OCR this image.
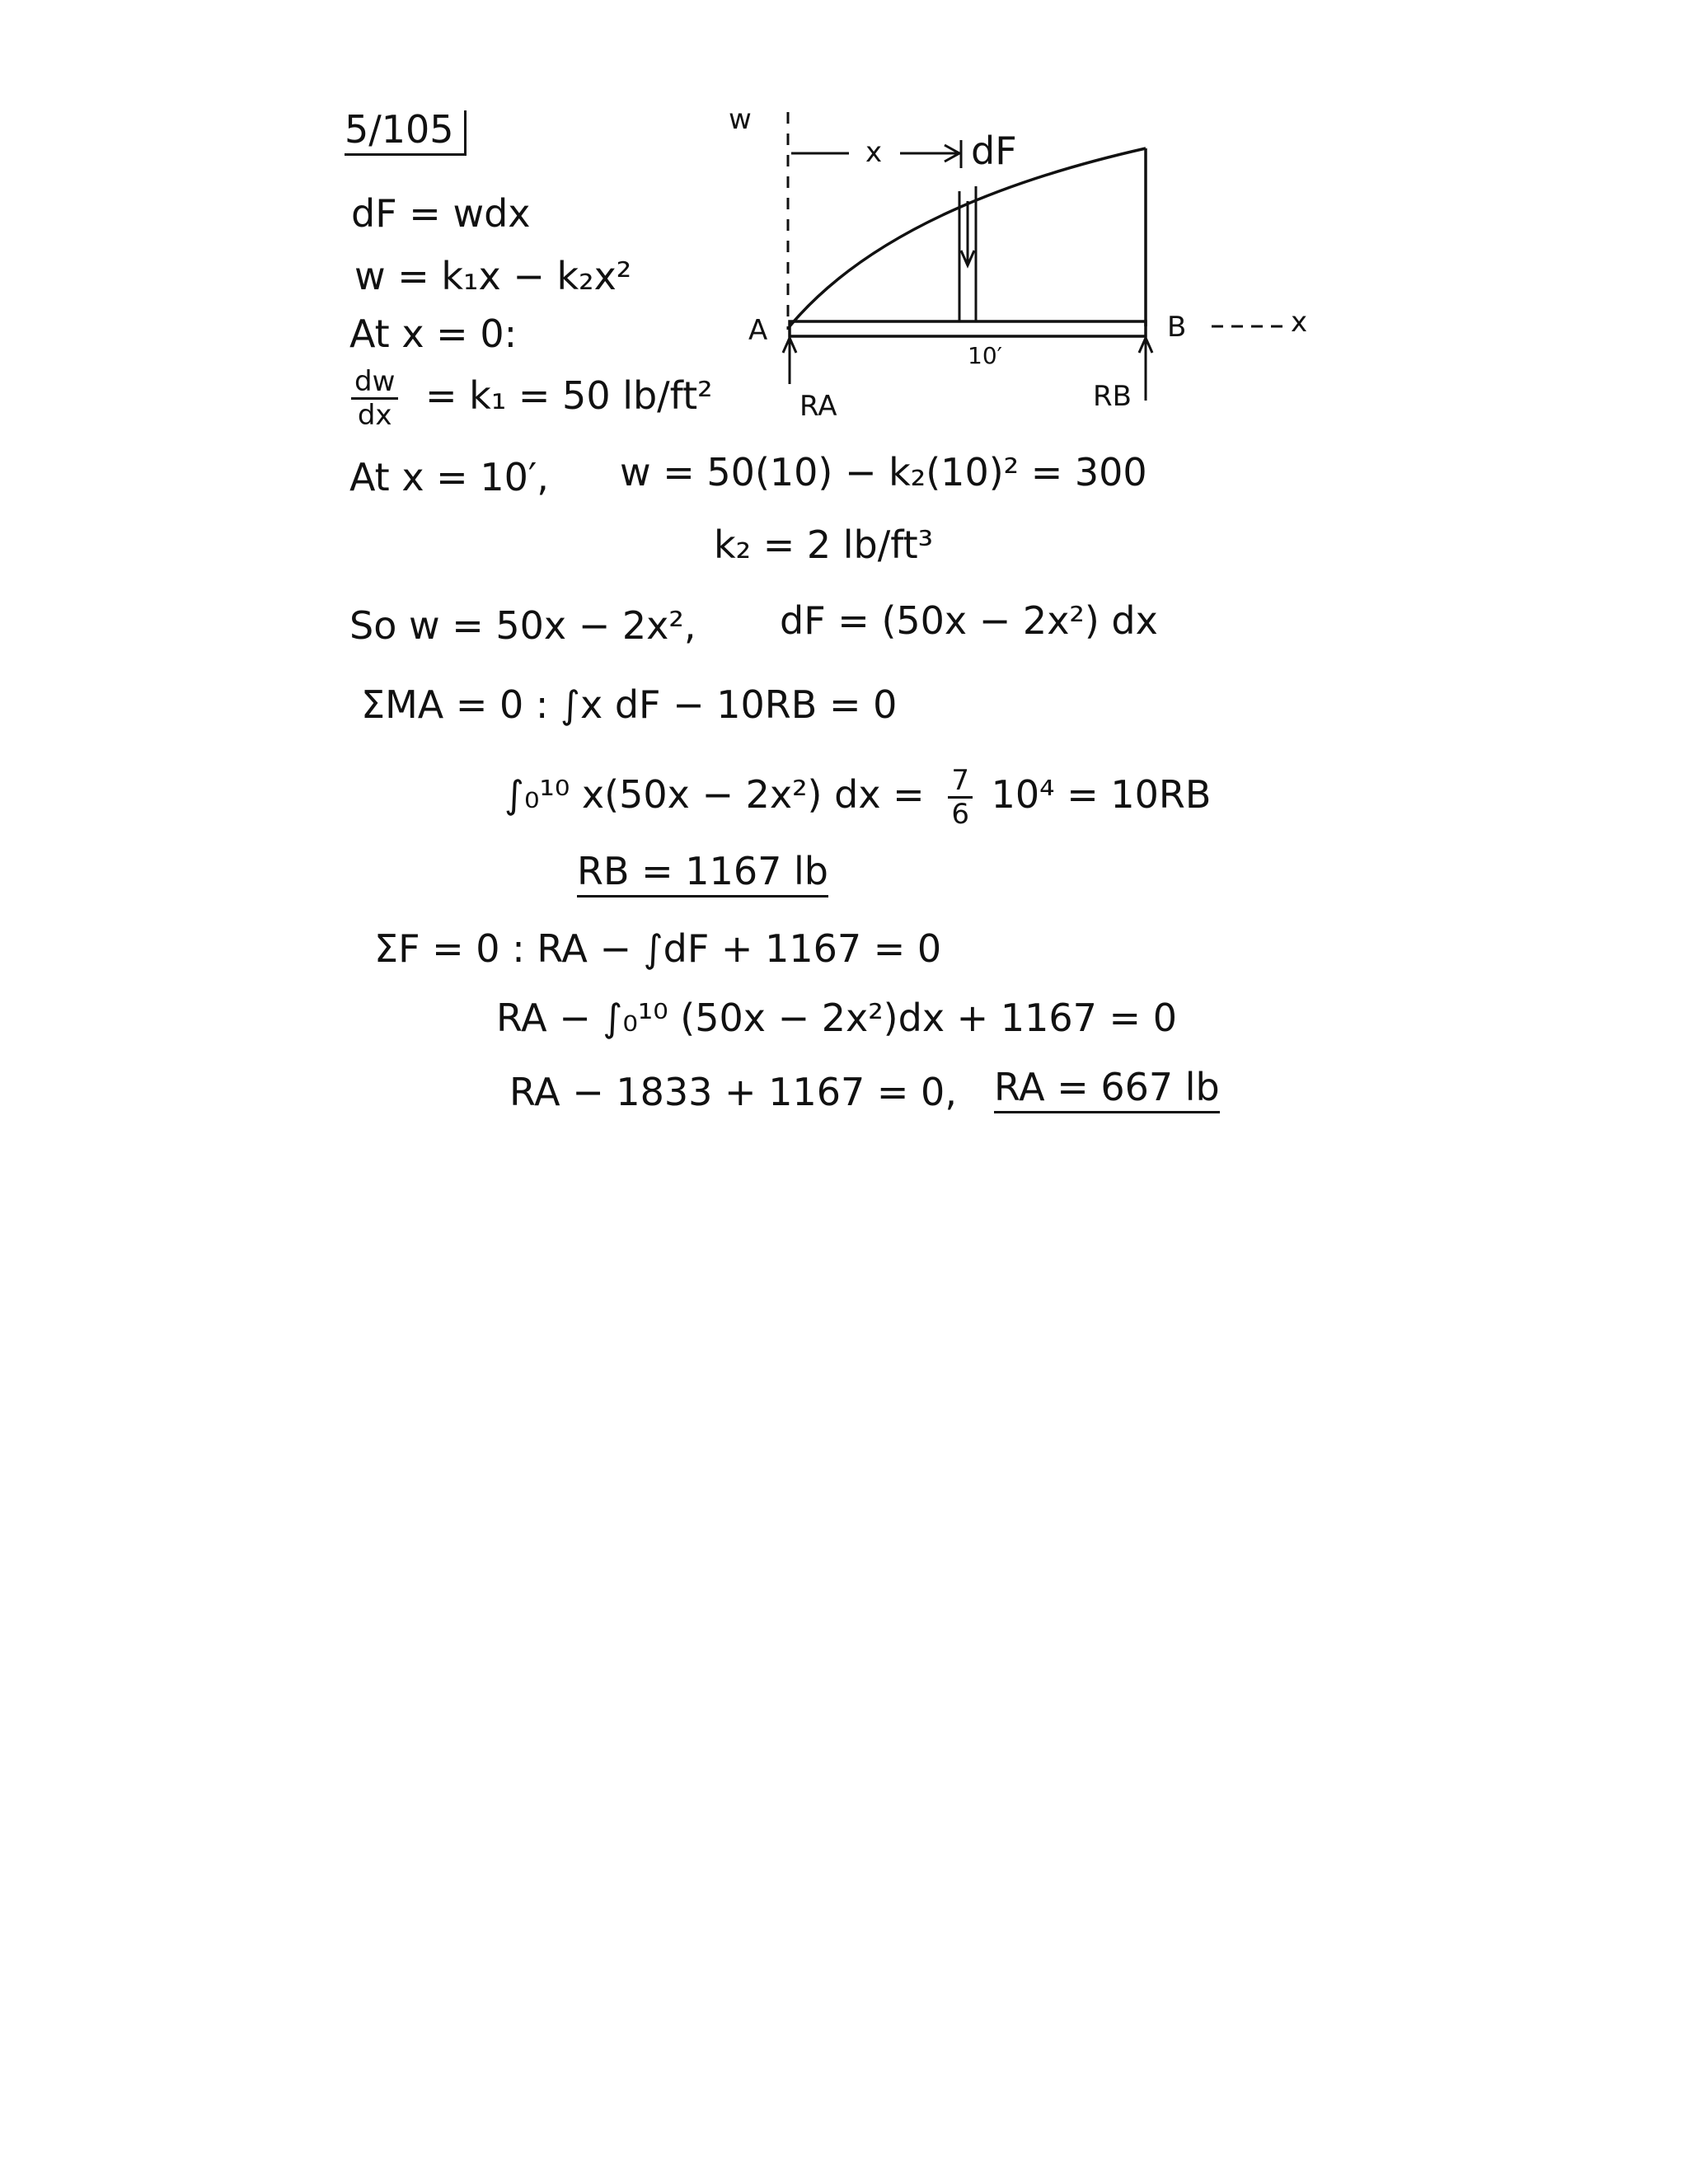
5/105
dF = wdx
w = k₁x − k₂x²
At x = 0:
$\frac{dw}{dx} = k_1 = 50$ lb/ft²
At x = 10′, w = 50(10) − k₂(10)² = 300
k₂ = 2 lb/ft³
So w = 50x − 2x², dF = (50x − 2x²) dx
ΣMA = 0 : ∫x dF − 10RB = 0
∫₀¹⁰ x(50x − 2x²) dx = $\frac{7}{6} 10^4 = 10RB$
RB = 1167 lb
ΣF = 0 : RA − ∫dF + 1167 = 0
RA − ∫₀¹⁰ (50x − 2x²)dx + 1167 = 0
RA − 1833 + 1167 = 0, RA = 667 lb
w
x dF
A	B	x
10′
RA	RB
